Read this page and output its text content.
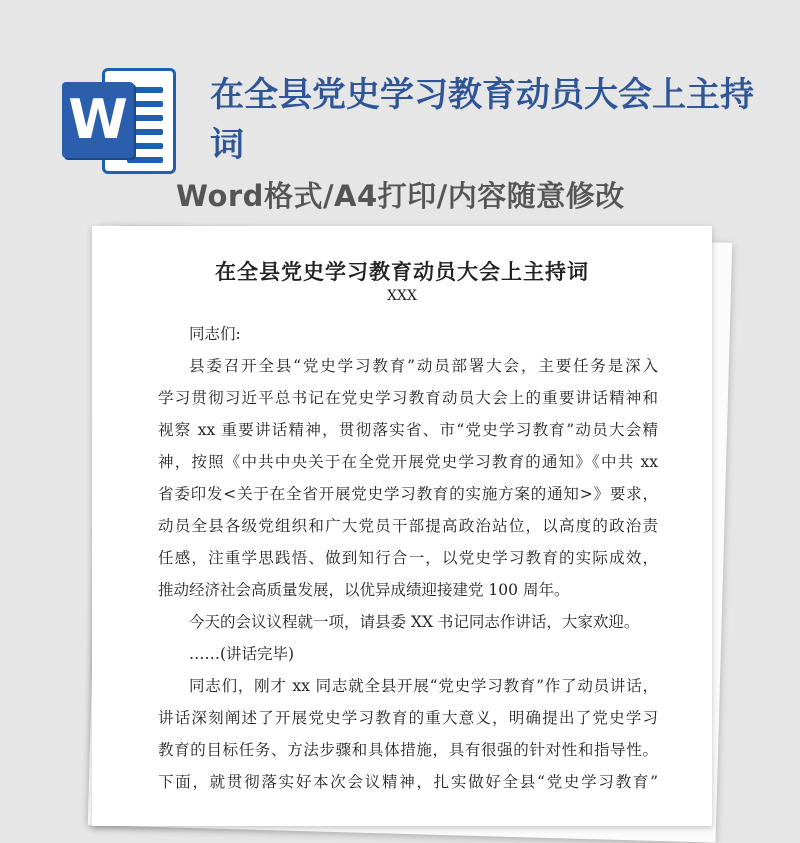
W 在全县党史学习教育动员大会上主持词

Word格式/A4打印/内容随意修改

在全县党史学习教育动员大会上主持词

XXX

同志们:

县委召开全县“党史学习教育”动员部署大会，主要任务是深入

学习贯彻习近平总书记在党史学习教育动员大会上的重要讲话精神和

视察 xx 重要讲话精神，贯彻落实省、市“党史学习教育”动员大会精

神，按照《中共中央关于在全党开展党史学习教育的通知》《中共 xx

省委印发<关于在全省开展党史学习教育的实施方案的通知>》要求，

动员全县各级党组织和广大党员干部提高政治站位，以高度的政治责

任感，注重学思践悟、做到知行合一，以党史学习教育的实际成效，

推动经济社会高质量发展，以优异成绩迎接建党 100 周年。

今天的会议议程就一项，请县委 XX 书记同志作讲话，大家欢迎。

……(讲话完毕)

同志们，刚才 xx 同志就全县开展“党史学习教育”作了动员讲话，

讲话深刻阐述了开展党史学习教育的重大意义，明确提出了党史学习

教育的目标任务、方法步骤和具体措施，具有很强的针对性和指导性。

下面，就贯彻落实好本次会议精神，扎实做好全县“党史学习教育”
